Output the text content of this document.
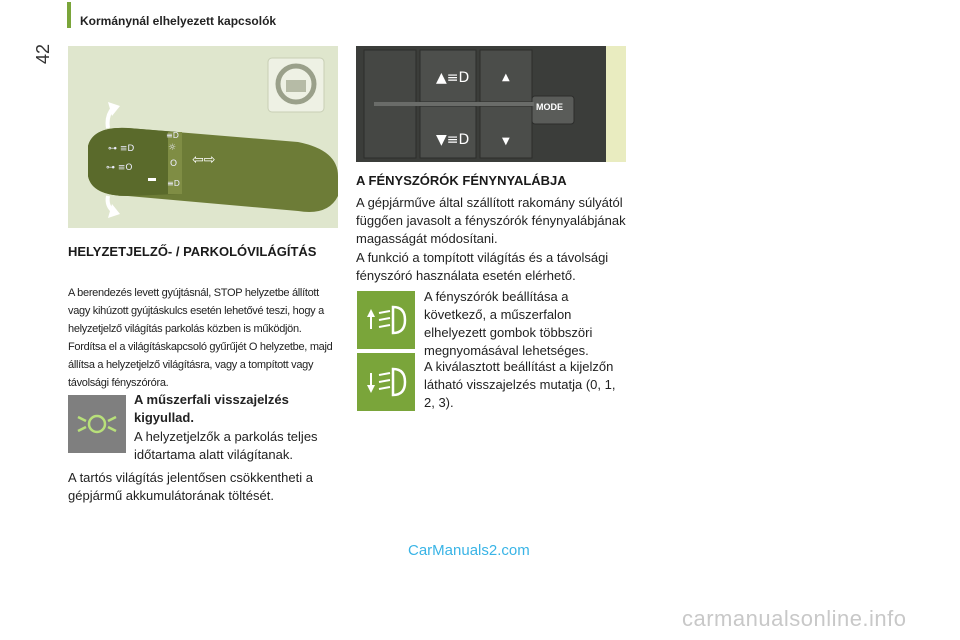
Kormánynál elhelyezett kapcsolók
42
⊶ ≡D
⊶ ≡O
≡D
☼
O
≡D
⇦⇨
HELYZETJELZŐ- / PARKOLÓVILÁGÍTÁS
A berendezés levett gyújtásnál, STOP helyzetbe állított vagy kihúzott gyújtáskulcs esetén lehetővé teszi, hogy a helyzetjelző világítás parkolás közben is működjön.
Fordítsa el a világításkapcsoló gyűrűjét O helyzetbe, majd állítsa a helyzetjelző világításra, vagy a tompított vagy távolsági fényszóróra.
A műszerfali visszajelzés kigyullad.
A helyzetjelzők a parkolás teljes időtartama alatt világítanak.
A tartós világítás jelentősen csökkentheti a gépjármű akkumulátorának töltését.
▲≡D
▼≡D
▲
▼
MODE
A FÉNYSZÓRÓK FÉNYNYALÁBJA
A gépjárműve által szállított rakomány súlyától függően javasolt a fényszórók fénynyalábjának magasságát módosítani.
A funkció a tompított világítás és a távolsági fényszóró használata esetén elérhető.
A fényszórók beállítása a következő, a műszerfalon elhelyezett gombok többszöri megnyomásával lehetséges.
A kiválasztott beállítást a kijelzőn látható visszajelzés mutatja (0, 1, 2, 3).
CarManuals2.com
carmanualsonline.info
